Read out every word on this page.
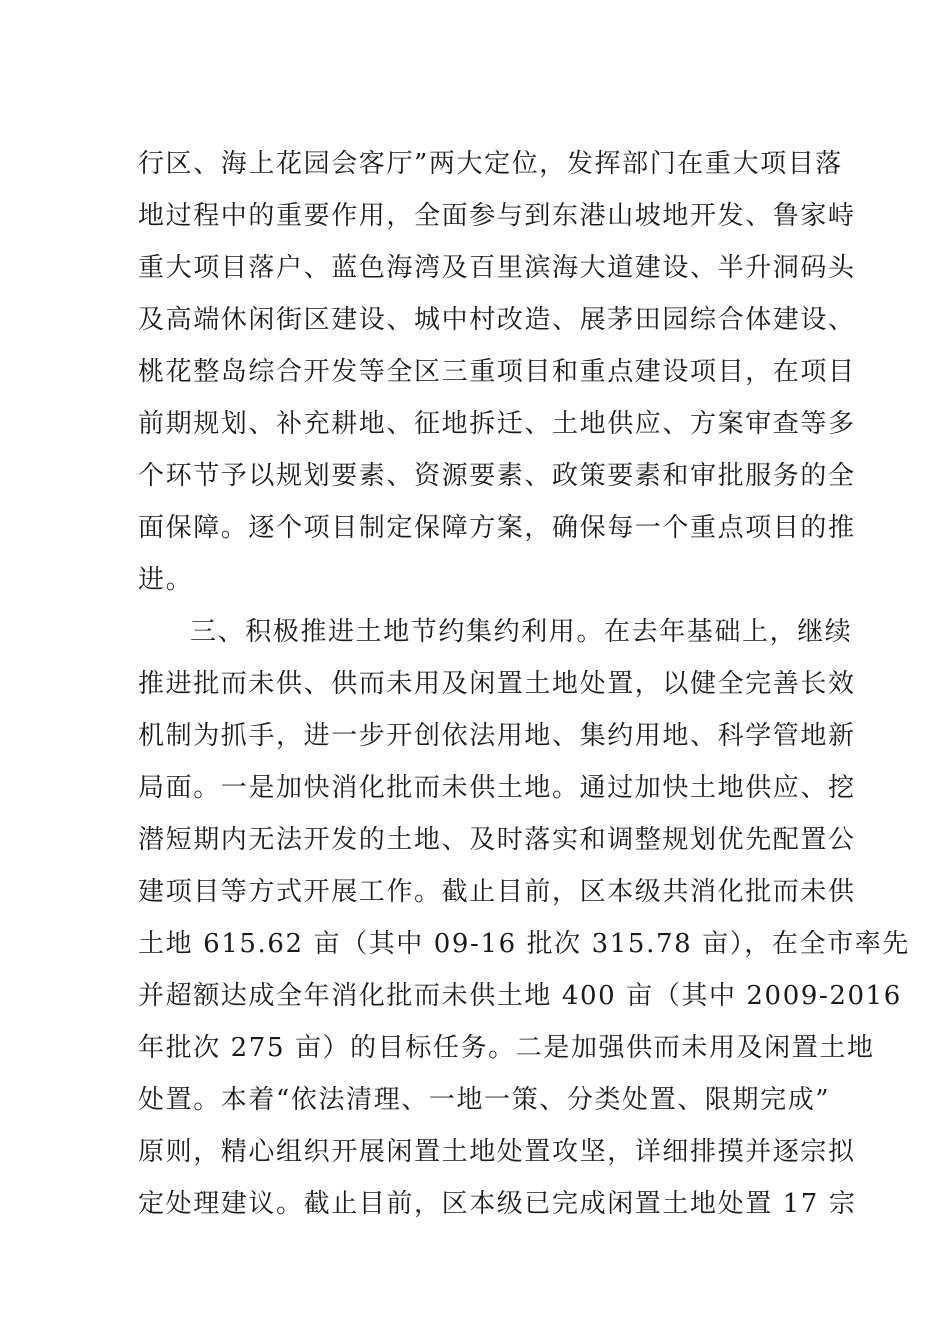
行区、海上花园会客厅”两大定位，发挥部门在重大项目落
地过程中的重要作用，全面参与到东港山坡地开发、鲁家峙
重大项目落户、蓝色海湾及百里滨海大道建设、半升洞码头
及高端休闲街区建设、城中村改造、展茅田园综合体建设、
桃花整岛综合开发等全区三重项目和重点建设项目，在项目
前期规划、补充耕地、征地拆迁、土地供应、方案审查等多
个环节予以规划要素、资源要素、政策要素和审批服务的全
面保障。逐个项目制定保障方案，确保每一个重点项目的推
进。
三、积极推进土地节约集约利用。在去年基础上，继续
推进批而未供、供而未用及闲置土地处置，以健全完善长效
机制为抓手，进一步开创依法用地、集约用地、科学管地新
局面。一是加快消化批而未供土地。通过加快土地供应、挖
潜短期内无法开发的土地、及时落实和调整规划优先配置公
建项目等方式开展工作。截止目前，区本级共消化批而未供
土地 615.62 亩（其中 09-16 批次 315.78 亩），在全市率先
并超额达成全年消化批而未供土地 400 亩（其中 2009-2016
年批次 275 亩）的目标任务。二是加强供而未用及闲置土地
处置。本着“依法清理、一地一策、分类处置、限期完成”
原则，精心组织开展闲置土地处置攻坚，详细排摸并逐宗拟
定处理建议。截止目前，区本级已完成闲置土地处置 17 宗
